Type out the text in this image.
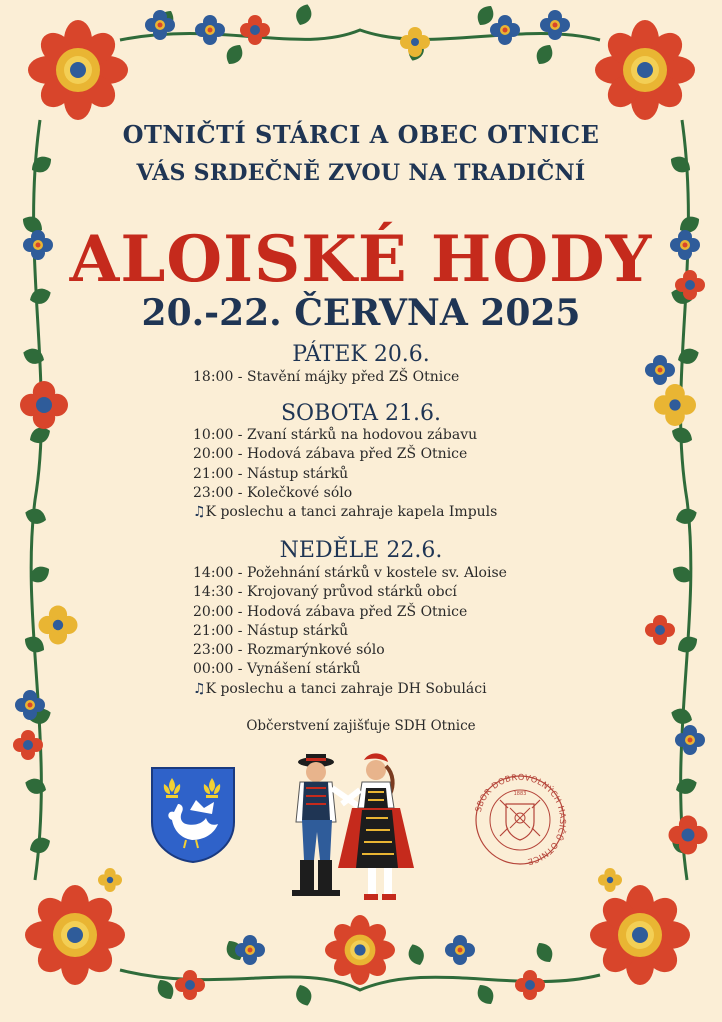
OTNIČTÍ STÁRCI A OBEC OTNICE
VÁS SRDEČNĚ ZVOU NA TRADIČNÍ
ALOISKÉ HODY
20.-22. ČERVNA 2025
PÁTEK 20.6.
18:00 - Stavění májky před ZŠ Otnice
SOBOTA 21.6.
10:00 - Zvaní stárků na hodovou zábavu
20:00 - Hodová zábava před ZŠ Otnice
21:00 - Nástup stárků
23:00 - Kolečkové sólo
♫K poslechu a tanci zahraje kapela Impuls
NEDĚLE 22.6.
14:00 - Požehnání stárků v kostele sv. Aloise
14:30 - Krojovaný průvod stárků obcí
20:00 - Hodová zábava před ZŠ Otnice
21:00 - Nástup stárků
23:00 - Rozmarýnkové sólo
00:00 - Vynášení stárků
♫K poslechu a tanci zahraje DH Sobuláci
Občerstvení zajišťuje SDH Otnice
SBOR DOBROVOLNÝCH HASIČŮ OTNICE
1883
